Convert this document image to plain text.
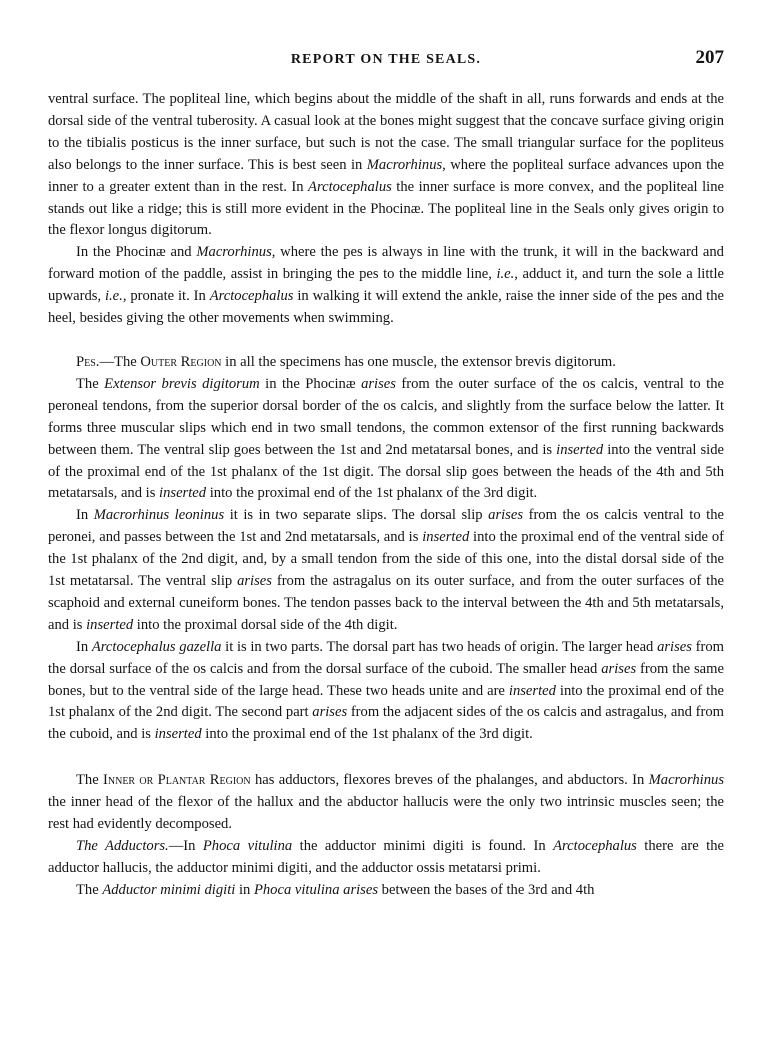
REPORT ON THE SEALS.	207

ventral surface. The popliteal line, which begins about the middle of the shaft in all, runs forwards and ends at the dorsal side of the ventral tuberosity. A casual look at the bones might suggest that the concave surface giving origin to the tibialis posticus is the inner surface, but such is not the case. The small triangular surface for the popliteus also belongs to the inner surface. This is best seen in Macrorhinus, where the popliteal surface advances upon the inner to a greater extent than in the rest. In Arctocephalus the inner surface is more convex, and the popliteal line stands out like a ridge; this is still more evident in the Phocinæ. The popliteal line in the Seals only gives origin to the flexor longus digitorum.

In the Phocinæ and Macrorhinus, where the pes is always in line with the trunk, it will in the backward and forward motion of the paddle, assist in bringing the pes to the middle line, i.e., adduct it, and turn the sole a little upwards, i.e., pronate it. In Arctocephalus in walking it will extend the ankle, raise the inner side of the pes and the heel, besides giving the other movements when swimming.

Pes.—The Outer Region in all the specimens has one muscle, the extensor brevis digitorum.

The Extensor brevis digitorum in the Phocinæ arises from the outer surface of the os calcis, ventral to the peroneal tendons, from the superior dorsal border of the os calcis, and slightly from the surface below the latter. It forms three muscular slips which end in two small tendons, the common extensor of the first running backwards between them. The ventral slip goes between the 1st and 2nd metatarsal bones, and is inserted into the ventral side of the proximal end of the 1st phalanx of the 1st digit. The dorsal slip goes between the heads of the 4th and 5th metatarsals, and is inserted into the proximal end of the 1st phalanx of the 3rd digit.

In Macrorhinus leoninus it is in two separate slips. The dorsal slip arises from the os calcis ventral to the peronei, and passes between the 1st and 2nd metatarsals, and is inserted into the proximal end of the ventral side of the 1st phalanx of the 2nd digit, and, by a small tendon from the side of this one, into the distal dorsal side of the 1st metatarsal. The ventral slip arises from the astragalus on its outer surface, and from the outer surfaces of the scaphoid and external cuneiform bones. The tendon passes back to the interval between the 4th and 5th metatarsals, and is inserted into the proximal dorsal side of the 4th digit.

In Arctocephalus gazella it is in two parts. The dorsal part has two heads of origin. The larger head arises from the dorsal surface of the os calcis and from the dorsal surface of the cuboid. The smaller head arises from the same bones, but to the ventral side of the large head. These two heads unite and are inserted into the proximal end of the 1st phalanx of the 2nd digit. The second part arises from the adjacent sides of the os calcis and astragalus, and from the cuboid, and is inserted into the proximal end of the 1st phalanx of the 3rd digit.

The Inner or Plantar Region has adductors, flexores breves of the phalanges, and abductors. In Macrorhinus the inner head of the flexor of the hallux and the abductor hallucis were the only two intrinsic muscles seen; the rest had evidently decomposed.

The Adductors.—In Phoca vitulina the adductor minimi digiti is found. In Arctocephalus there are the adductor hallucis, the adductor minimi digiti, and the adductor ossis metatarsi primi.

The Adductor minimi digiti in Phoca vitulina arises between the bases of the 3rd and 4th
